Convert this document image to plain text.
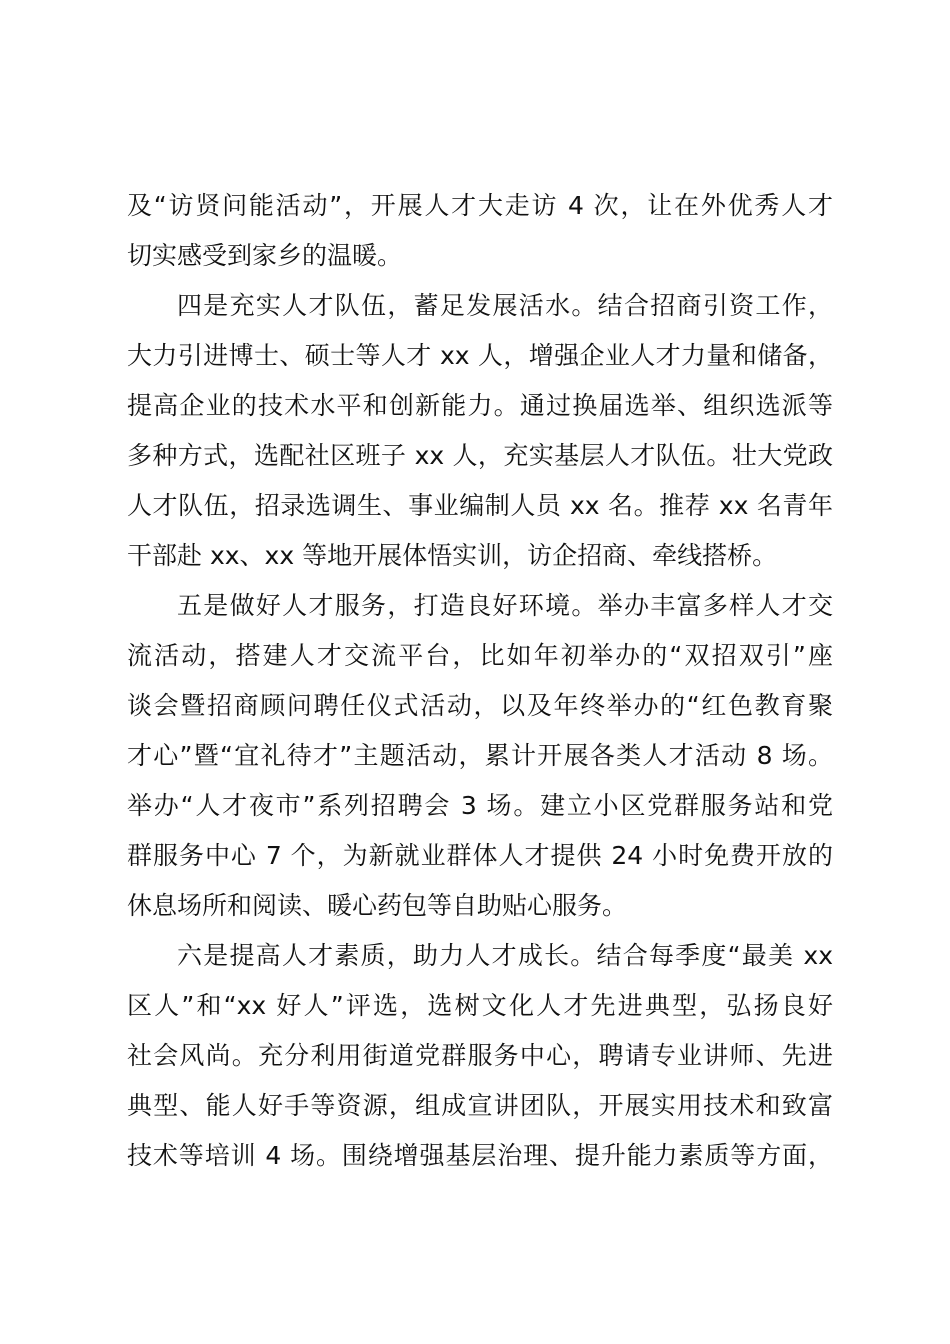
及“访贤问能活动”，开展人才大走访 4 次，让在外优秀人才
切实感受到家乡的温暖。
四是充实人才队伍，蓄足发展活水。结合招商引资工作，
大力引进博士、硕士等人才 xx 人，增强企业人才力量和储备，
提高企业的技术水平和创新能力。通过换届选举、组织选派等
多种方式，选配社区班子 xx 人，充实基层人才队伍。壮大党政
人才队伍，招录选调生、事业编制人员 xx 名。推荐 xx 名青年
干部赴 xx、xx 等地开展体悟实训，访企招商、牵线搭桥。
五是做好人才服务，打造良好环境。举办丰富多样人才交
流活动，搭建人才交流平台，比如年初举办的“双招双引”座
谈会暨招商顾问聘任仪式活动，以及年终举办的“红色教育聚
才心”暨“宜礼待才”主题活动，累计开展各类人才活动 8 场。
举办“人才夜市”系列招聘会 3 场。建立小区党群服务站和党
群服务中心 7 个，为新就业群体人才提供 24 小时免费开放的
休息场所和阅读、暖心药包等自助贴心服务。
六是提高人才素质，助力人才成长。结合每季度“最美 xx
区人”和“xx 好人”评选，选树文化人才先进典型，弘扬良好
社会风尚。充分利用街道党群服务中心，聘请专业讲师、先进
典型、能人好手等资源，组成宣讲团队，开展实用技术和致富
技术等培训 4 场。围绕增强基层治理、提升能力素质等方面，
